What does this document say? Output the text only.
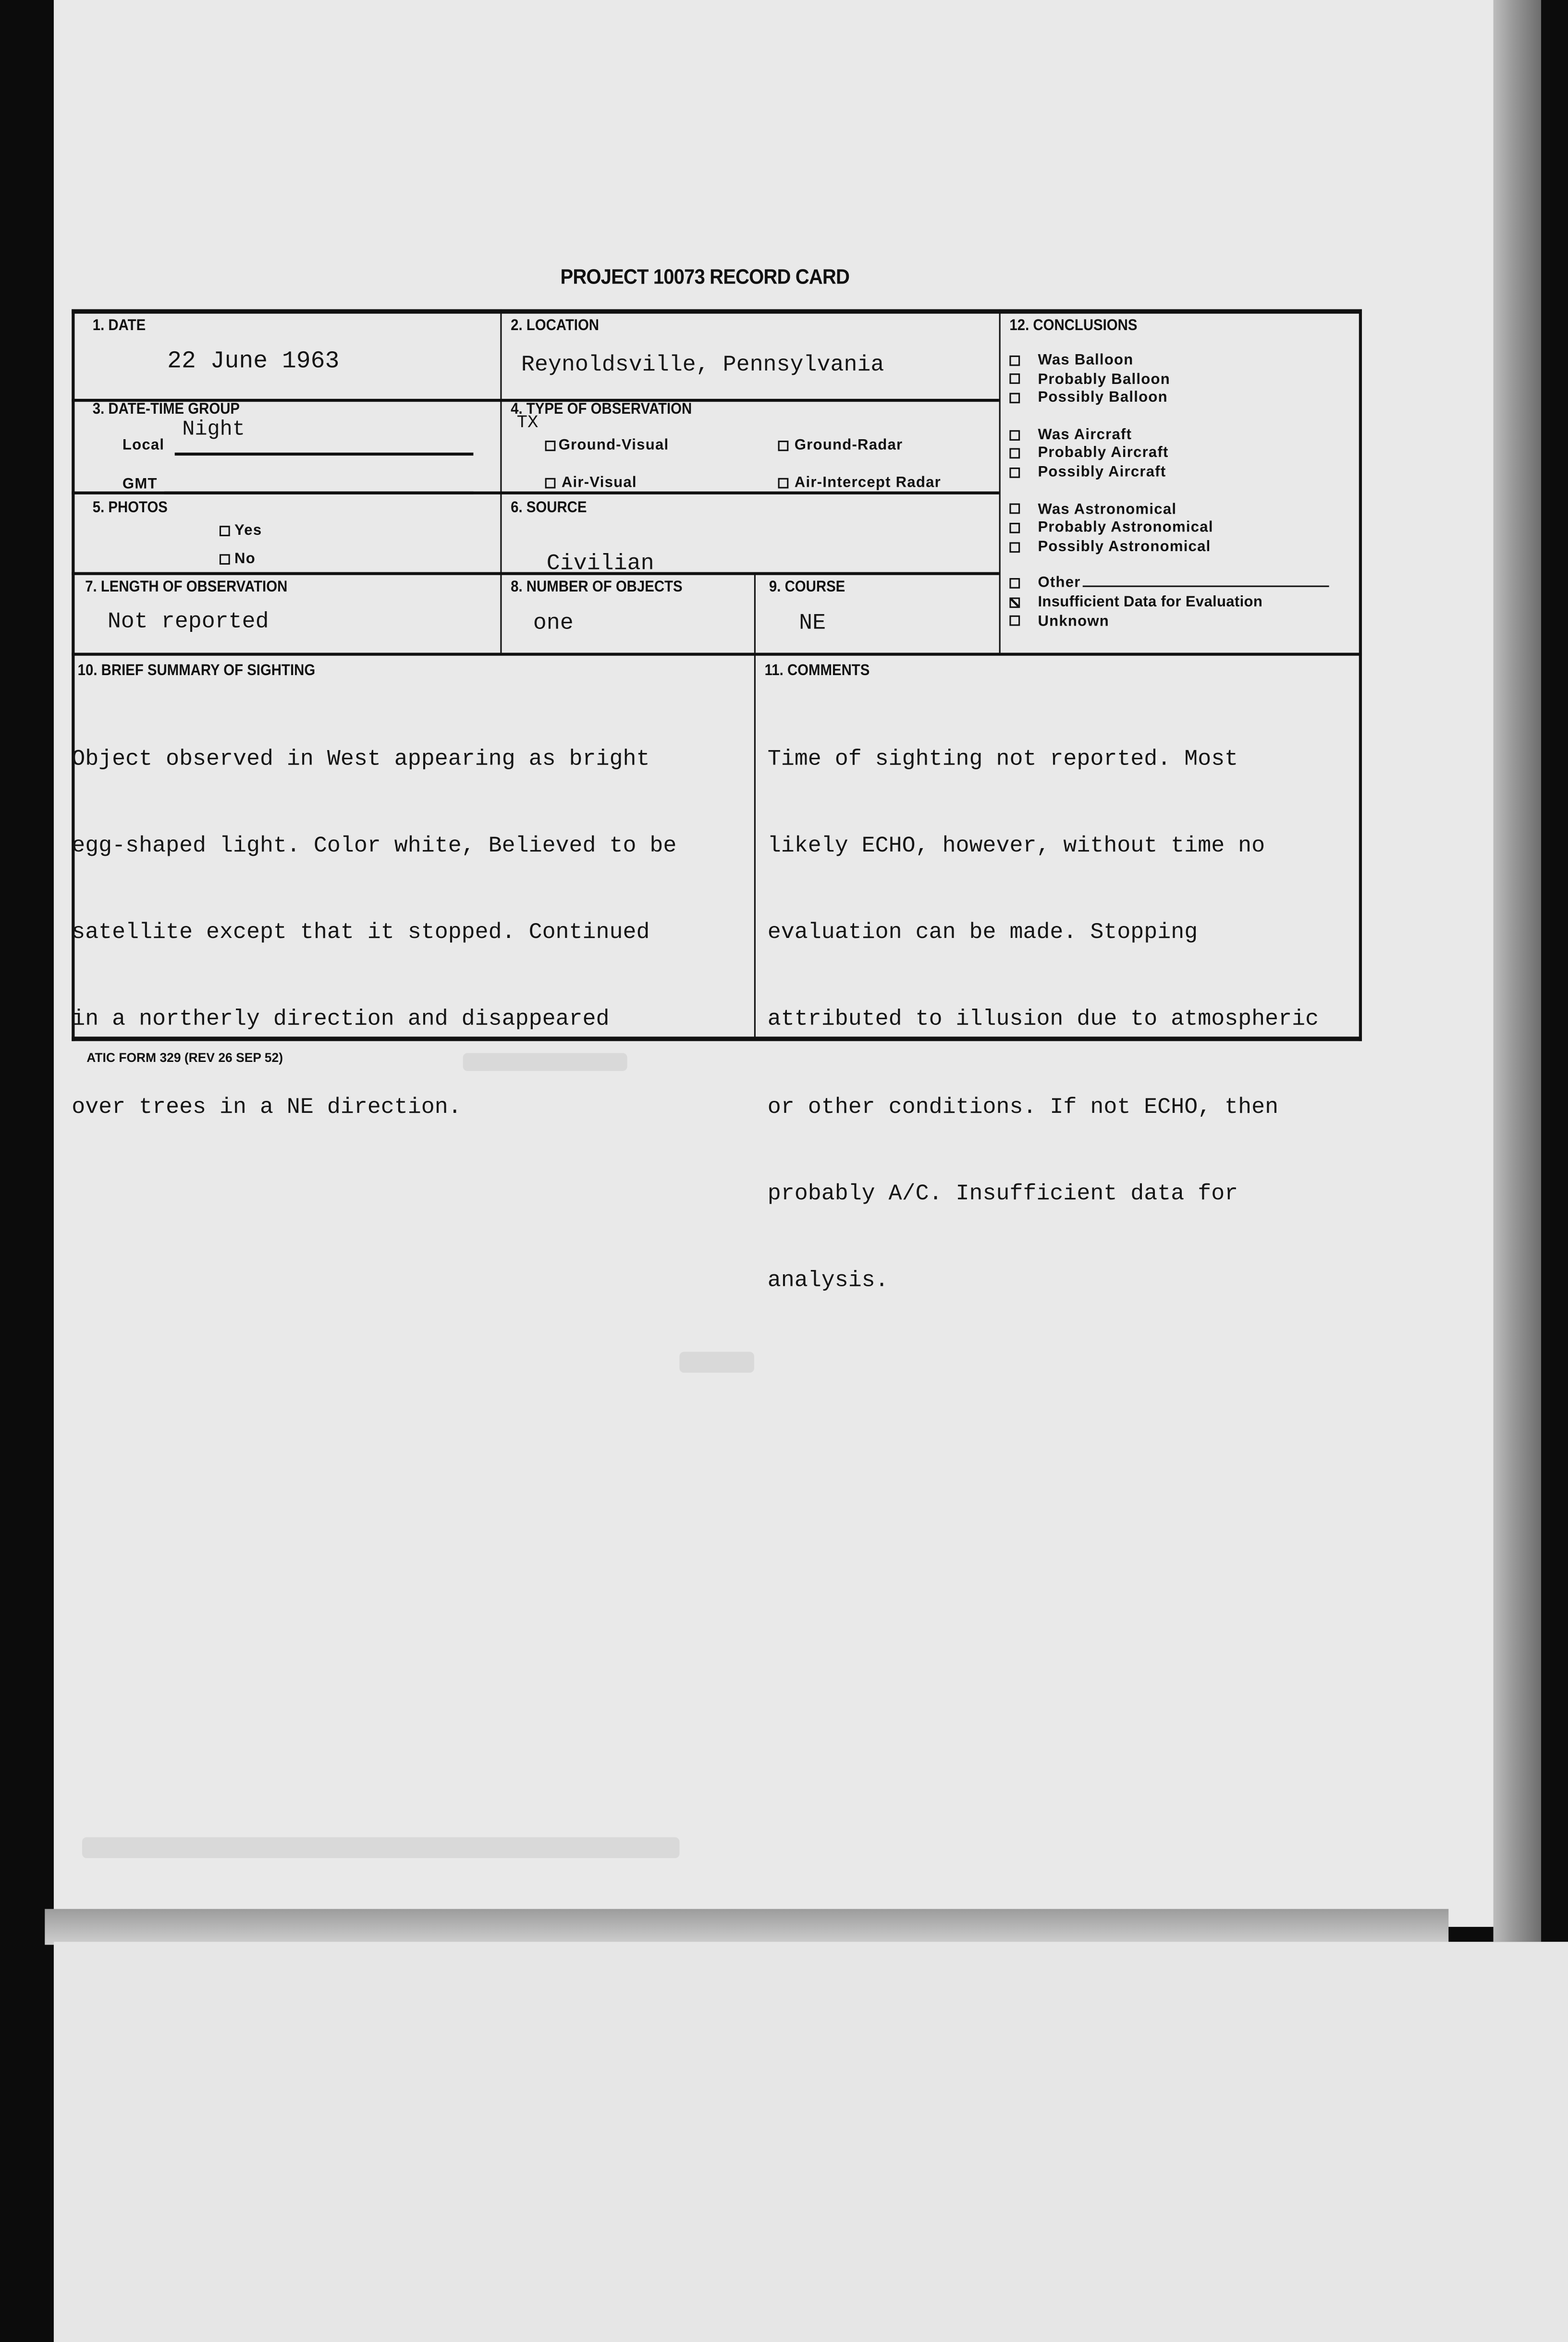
PROJECT 10073 RECORD CARD
1. DATE
22 June 1963
2. LOCATION
Reynoldsville, Pennsylvania
3. DATE-TIME GROUP
Local
Night
GMT
4. TYPE OF OBSERVATION
TX
Ground-Visual	Ground-Radar
Air-Visual	Air-Intercept Radar
5. PHOTOS
Yes
No
6. SOURCE
Civilian
7. LENGTH OF OBSERVATION
Not reported
8. NUMBER OF OBJECTS
one
9. COURSE
NE
12. CONCLUSIONS
Was Balloon
Probably Balloon
Possibly Balloon
Was Aircraft
Probably Aircraft
Possibly Aircraft
Was Astronomical
Probably Astronomical
Possibly Astronomical
Other
Insufficient Data for Evaluation
Unknown
10. BRIEF SUMMARY OF SIGHTING

Object observed in West appearing as bright

egg-shaped light. Color white, Believed to be

satellite except that it stopped. Continued

in a northerly direction and disappeared

over trees in a NE direction.

11. COMMENTS

Time of sighting not reported. Most

likely ECHO, however, without time no

evaluation can be made. Stopping

attributed to illusion due to atmospheric

or other conditions. If not ECHO, then

probably A/C. Insufficient data for

analysis.

ATIC FORM 329 (REV 26 SEP 52)
